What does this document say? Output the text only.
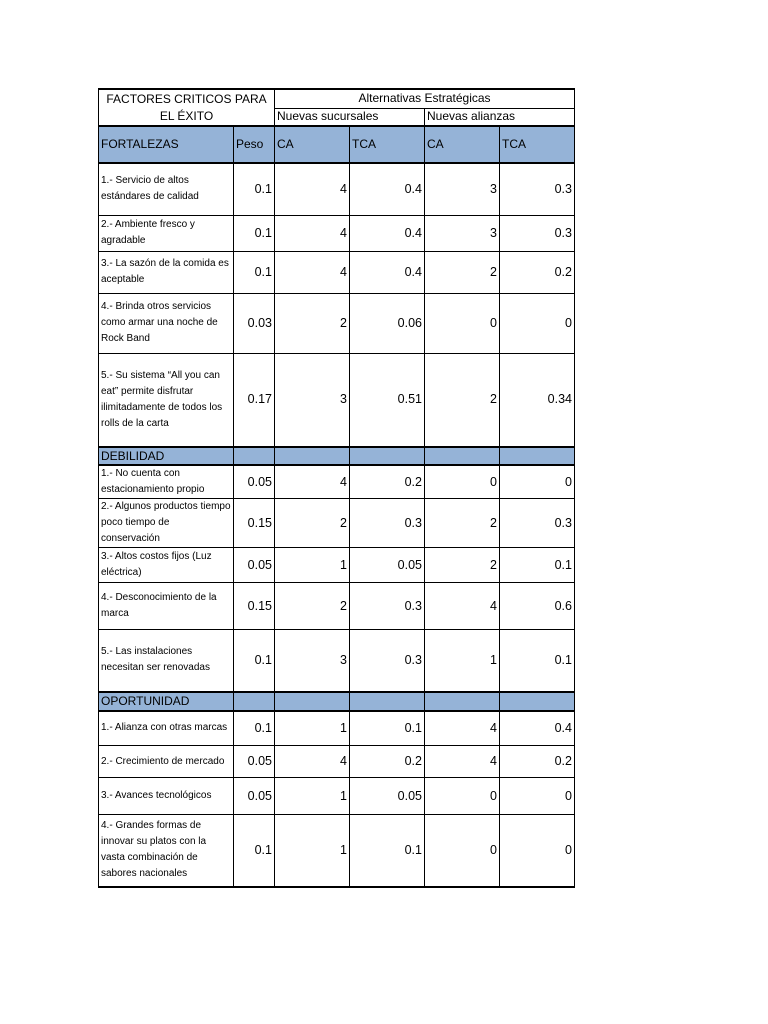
FACTORES CRITICOS PARA EL ÉXITO		Alternativas Estratégicas			
		Nuevas sucursales		Nuevas alianzas	
FORTALEZAS	Peso	CA	TCA	CA	TCA
1.- Servicio de altos estándares de calidad	0.1	4	0.4	3	0.3
2.- Ambiente fresco y agradable	0.1	4	0.4	3	0.3
3.- La sazón de la comida es aceptable	0.1	4	0.4	2	0.2
4.- Brinda otros servicios como armar una noche de Rock Band	0.03	2	0.06	0	0
5.- Su sistema “All you can eat” permite disfrutar ilimitadamente de todos los rolls de la carta	0.17	3	0.51	2	0.34
DEBILIDAD					
1.- No cuenta con estacionamiento propio	0.05	4	0.2	0	0
2.- Algunos productos tiempo poco tiempo de conservación	0.15	2	0.3	2	0.3
3.- Altos costos fijos (Luz eléctrica)	0.05	1	0.05	2	0.1
4.- Desconocimiento de la marca	0.15	2	0.3	4	0.6
5.- Las instalaciones necesitan ser renovadas	0.1	3	0.3	1	0.1
OPORTUNIDAD					
1.- Alianza con otras marcas	0.1	1	0.1	4	0.4
2.- Crecimiento de mercado	0.05	4	0.2	4	0.2
3.- Avances tecnológicos	0.05	1	0.05	0	0
4.- Grandes formas de innovar su platos con la vasta combinación de sabores nacionales	0.1	1	0.1	0	0
